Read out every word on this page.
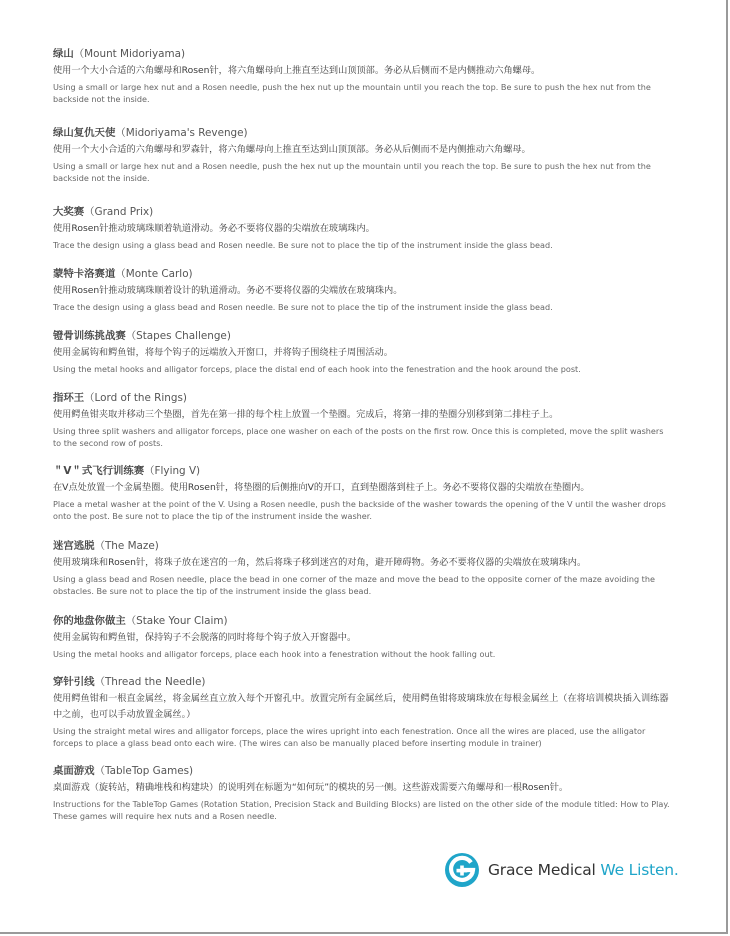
绿山（Mount Midoriyama)
使用一个大小合适的六角螺母和Rosen针，将六角螺母向上推直至达到山顶顶部。务必从后侧而不是内侧推动六角螺母。
Using a small or large hex nut and a Rosen needle, push the hex nut up the mountain until you reach the top. Be sure to push the hex nut from the backside not the inside.
绿山复仇天使（Midoriyama's Revenge)
使用一个大小合适的六角螺母和罗森针，将六角螺母向上推直至达到山顶顶部。务必从后侧而不是内侧推动六角螺母。
Using a small or large hex nut and a Rosen needle, push the hex nut up the mountain until you reach the top. Be sure to push the hex nut from the backside not the inside.
大奖赛（Grand Prix)
使用Rosen针推动玻璃珠顺着轨道滑动。务必不要将仪器的尖端放在玻璃珠内。
Trace the design using a glass bead and Rosen needle. Be sure not to place the tip of the instrument inside the glass bead.
蒙特卡洛赛道（Monte Carlo)
使用Rosen针推动玻璃珠顺着设计的轨道滑动。务必不要将仪器的尖端放在玻璃珠内。
Trace the design using a glass bead and Rosen needle. Be sure not to place the tip of the instrument inside the glass bead.
镫骨训练挑战赛（Stapes Challenge)
使用金属钩和鳄鱼钳，将每个钩子的远端放入开窗口，并将钩子围绕柱子周围活动。
Using the metal hooks and alligator forceps, place the distal end of each hook into the fenestration and the hook around the post.
指环王（Lord of the Rings)
使用鳄鱼钳夹取并移动三个垫圈，首先在第一排的每个柱上放置一个垫圈。完成后，将第一排的垫圈分别移到第二排柱子上。
Using three split washers and alligator forceps, place one washer on each of the posts on the first row. Once this is completed, move the split washers to the second row of posts.
＂V＂式飞行训练赛（Flying V)
在V点处放置一个金属垫圈。使用Rosen针，将垫圈的后侧推向V的开口，直到垫圈落到柱子上。务必不要将仪器的尖端放在垫圈内。
Place a metal washer at the point of the V. Using a Rosen needle, push the backside of the washer towards the opening of the V until the washer drops onto the post. Be sure not to place the tip of the instrument inside the washer.
迷宫逃脱（The Maze)
使用玻璃珠和Rosen针，将珠子放在迷宫的一角，然后将珠子移到迷宫的对角，避开障碍物。务必不要将仪器的尖端放在玻璃珠内。
Using a glass bead and Rosen needle, place the bead in one corner of the maze and move the bead to the opposite corner of the maze avoiding the obstacles. Be sure not to place the tip of the instrument inside the glass bead.
你的地盘你做主（Stake Your Claim)
使用金属钩和鳄鱼钳，保持钩子不会脱落的同时将每个钩子放入开窗器中。
Using the metal hooks and alligator forceps, place each hook into a fenestration without the hook falling out.
穿针引线（Thread the Needle)
使用鳄鱼钳和一根直金属丝，将金属丝直立放入每个开窗孔中。放置完所有金属丝后，使用鳄鱼钳将玻璃珠放在每根金属丝上（在将培训模块插入训练器中之前，也可以手动放置金属丝。）
Using the straight metal wires and alligator forceps, place the wires upright into each fenestration. Once all the wires are placed, use the alligator forceps to place a glass bead onto each wire. (The wires can also be manually placed before inserting module in trainer)
桌面游戏（TableTop Games)
桌面游戏（旋转站，精确堆栈和构建块）的说明列在标题为“如何玩”的模块的另一侧。这些游戏需要六角螺母和一根Rosen针。
Instructions for the TableTop Games (Rotation Station, Precision Stack and Building Blocks) are listed on the other side of the module titled: How to Play. These games will require hex nuts and a Rosen needle.
Grace Medical We Listen.
